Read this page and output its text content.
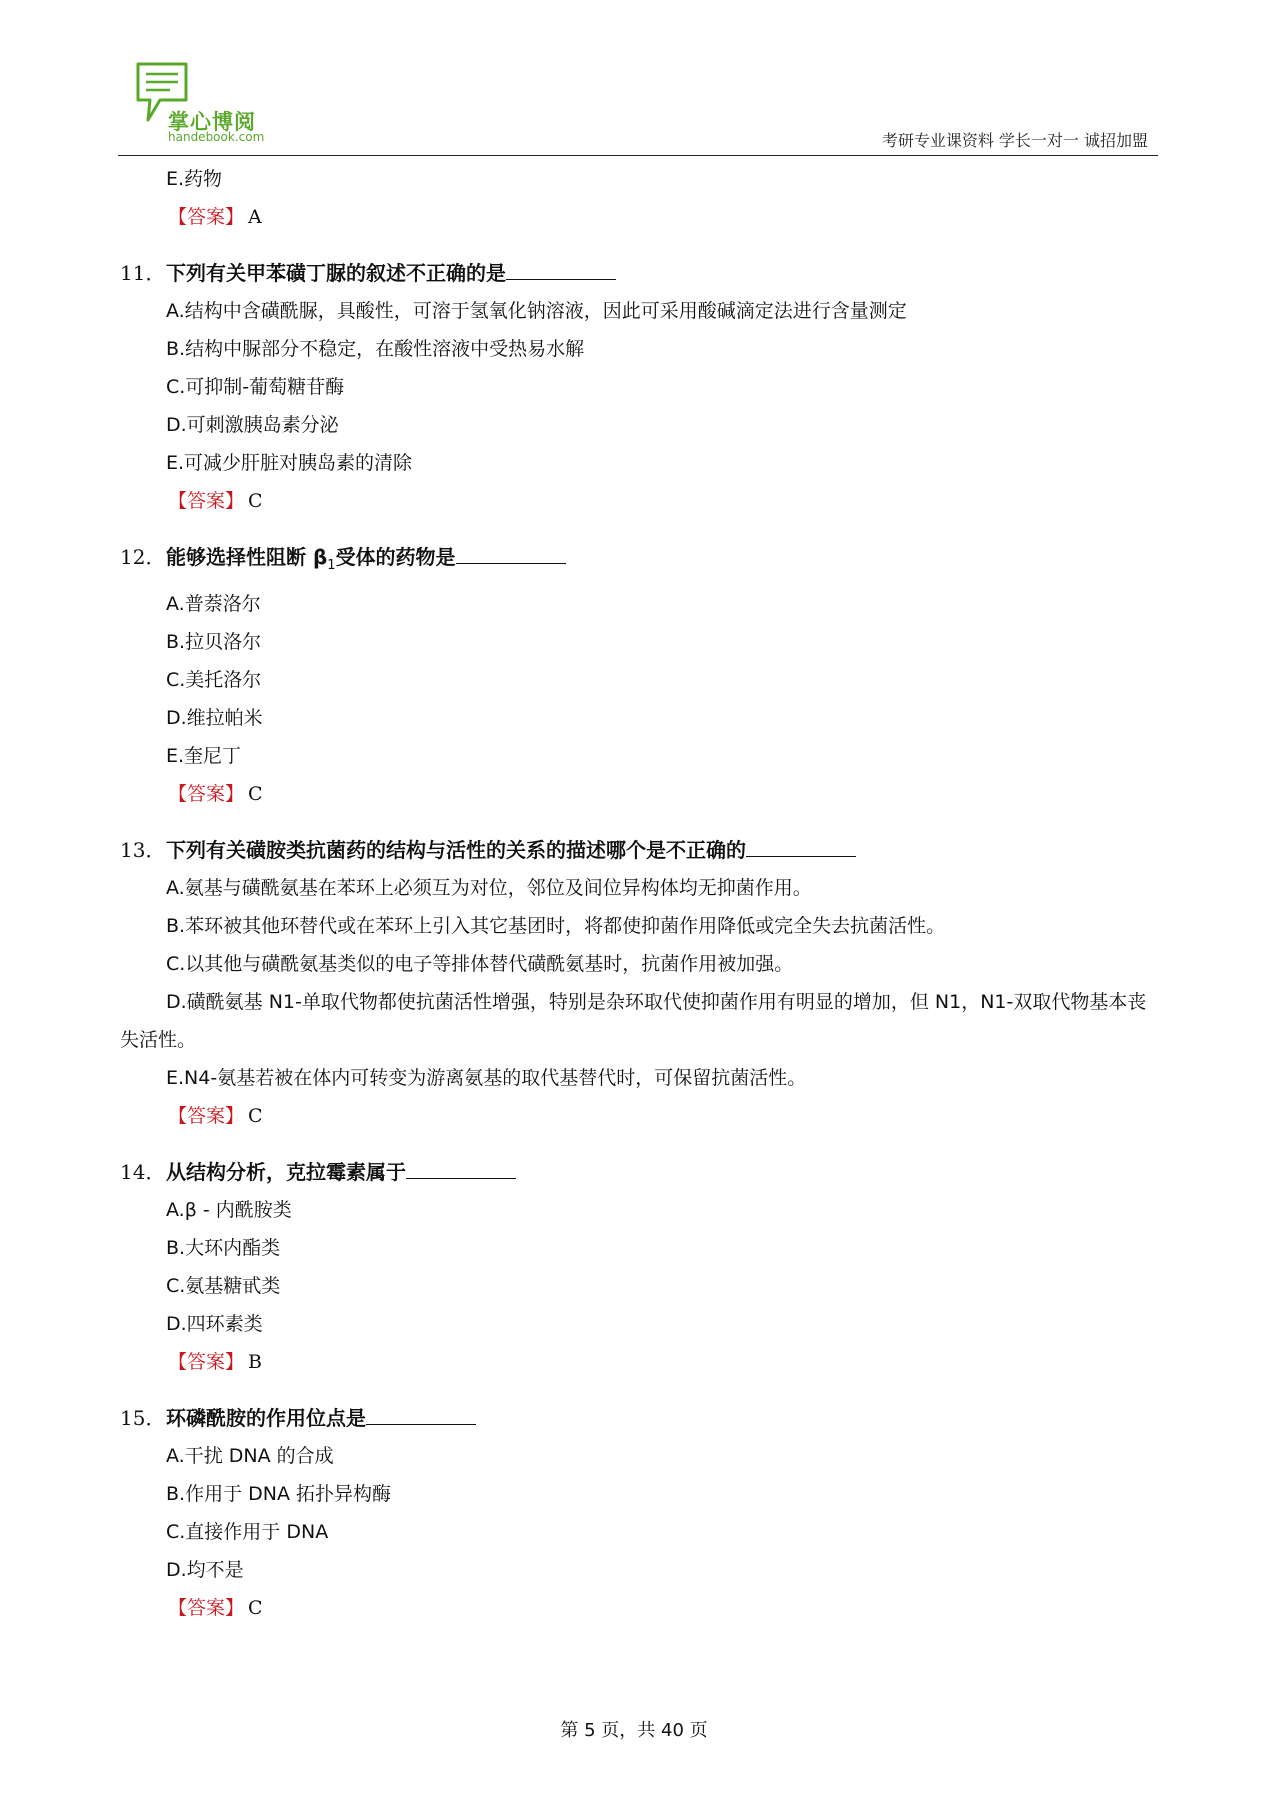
掌心博阅
handebook.com	考研专业课资料 学长一对一 诚招加盟
E.药物
【答案】 A
11．下列有关甲苯磺丁脲的叙述不正确的是
A.结构中含磺酰脲，具酸性，可溶于氢氧化钠溶液，因此可采用酸碱滴定法进行含量测定
B.结构中脲部分不稳定，在酸性溶液中受热易水解
C.可抑制-葡萄糖苷酶
D.可刺激胰岛素分泌
E.可减少肝脏对胰岛素的清除
【答案】 C
12．能够选择性阻断 $\beta_1$受体的药物是
A.普萘洛尔
B.拉贝洛尔
C.美托洛尔
D.维拉帕米
E.奎尼丁
【答案】 C
13．下列有关磺胺类抗菌药的结构与活性的关系的描述哪个是不正确的
A.氨基与磺酰氨基在苯环上必须互为对位，邻位及间位异构体均无抑菌作用。
B.苯环被其他环替代或在苯环上引入其它基团时，将都使抑菌作用降低或完全失去抗菌活性。
C.以其他与磺酰氨基类似的电子等排体替代磺酰氨基时，抗菌作用被加强。
D.磺酰氨基 N1-单取代物都使抗菌活性增强，特别是杂环取代使抑菌作用有明显的增加，但 N1，N1-双取代物基本丧失活性。
E.N4-氨基若被在体内可转变为游离氨基的取代基替代时，可保留抗菌活性。
【答案】 C
14．从结构分析，克拉霉素属于
A.β - 内酰胺类
B.大环内酯类
C.氨基糖甙类
D.四环素类
【答案】 B
15．环磷酰胺的作用位点是
A.干扰 DNA 的合成
B.作用于 DNA 拓扑异构酶
C.直接作用于 DNA
D.均不是
【答案】 C
第 5 页，共 40 页
